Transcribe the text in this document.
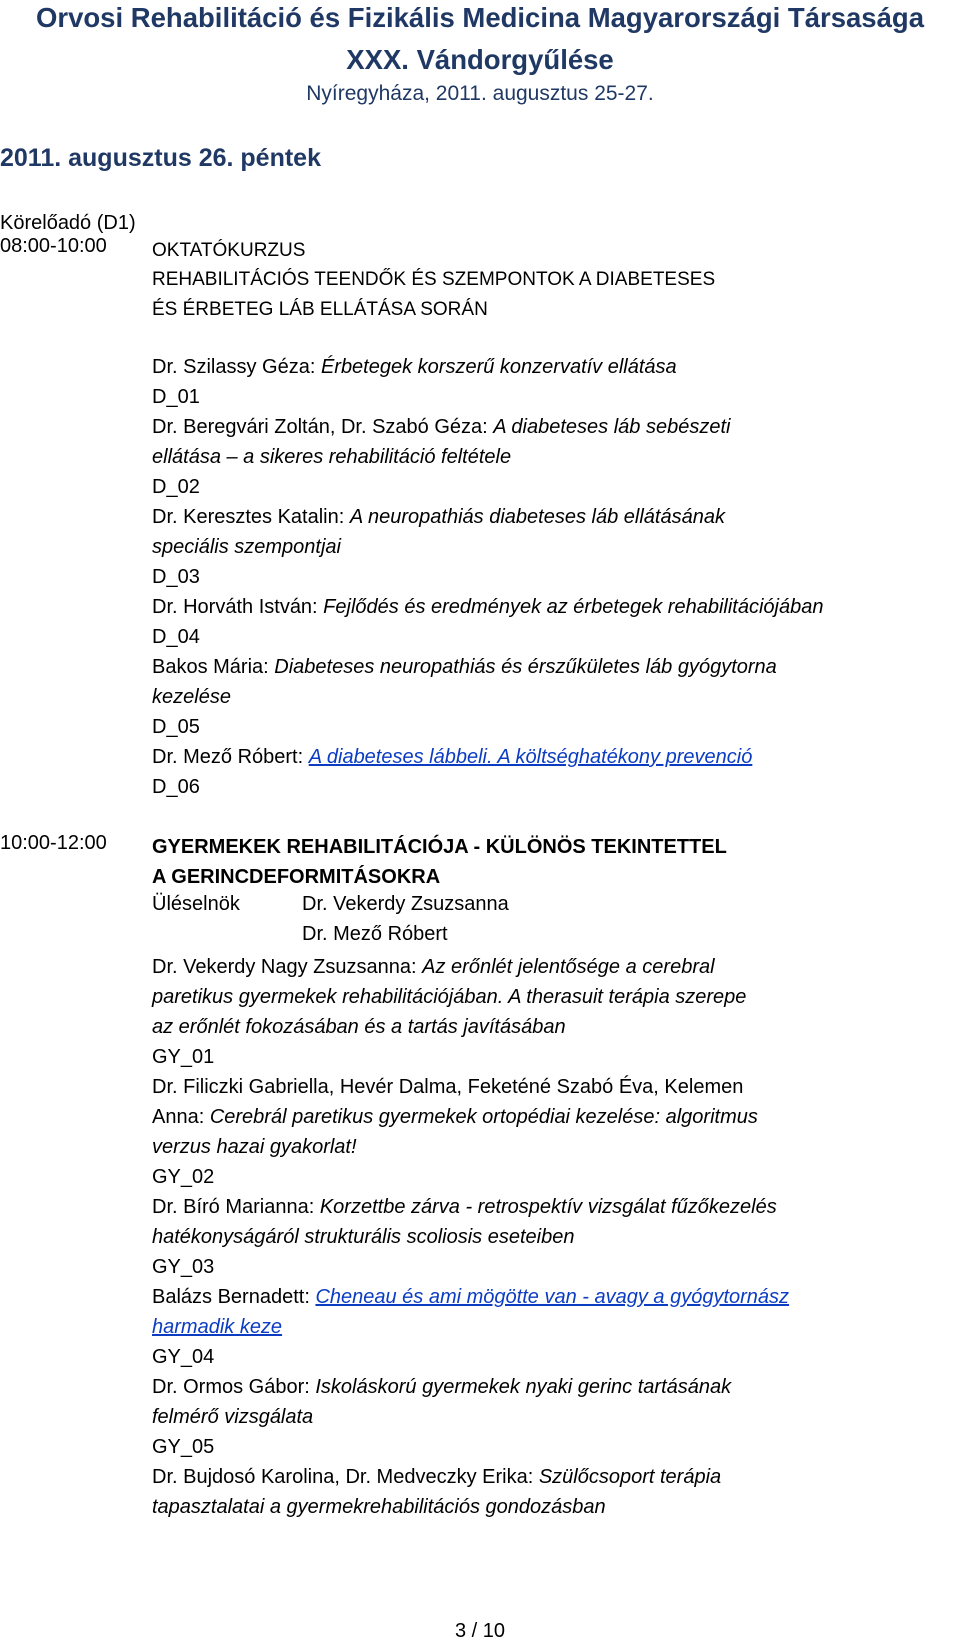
Orvosi Rehabilitáció és Fizikális Medicina Magyarországi Társasága
XXX. Vándorgyűlése
Nyíregyháza, 2011. augusztus 25-27.
2011. augusztus 26. péntek
Körelőadó (D1)
08:00-10:00 OKTATÓKURZUS
REHABILITÁCIÓS TEENDŐK ÉS SZEMPONTOK A DIABETESES
ÉS ÉRBETEG LÁB ELLÁTÁSA SORÁN
Dr. Szilassy Géza: Érbetegek korszerű konzervatív ellátása
D_01
Dr. Beregvári Zoltán, Dr. Szabó Géza: A diabeteses láb sebészeti
ellátása – a sikeres rehabilitáció feltétele
D_02
Dr. Keresztes Katalin: A neuropathiás diabeteses láb ellátásának
speciális szempontjai
D_03
Dr. Horváth István: Fejlődés és eredmények az érbetegek rehabilitációjában
D_04
Bakos Mária: Diabeteses neuropathiás és érszűkületes láb gyógytorna
kezelése
D_05
Dr. Mező Róbert: A diabeteses lábbeli. A költséghatékony prevenció
D_06
10:00-12:00 GYERMEKEK REHABILITÁCIÓJA - KÜLÖNÖS TEKINTETTEL
A GERINCDEFORMITÁSOKRA
Üléselnök	Dr. Vekerdy Zsuzsanna
Dr. Mező Róbert
Dr. Vekerdy Nagy Zsuzsanna: Az erőnlét jelentősége a cerebral
paretikus gyermekek rehabilitációjában. A therasuit terápia szerepe
az erőnlét fokozásában és a tartás javításában
GY_01
Dr. Filiczki Gabriella, Hevér Dalma, Feketéné Szabó Éva, Kelemen
Anna: Cerebrál paretikus gyermekek ortopédiai kezelése: algoritmus
verzus hazai gyakorlat!
GY_02
Dr. Bíró Marianna: Korzettbe zárva - retrospektív vizsgálat fűzőkezelés
hatékonyságáról strukturális scoliosis eseteiben
GY_03
Balázs Bernadett: Cheneau és ami mögötte van - avagy a gyógytornász
harmadik keze
GY_04
Dr. Ormos Gábor: Iskoláskorú gyermekek nyaki gerinc tartásának
felmérő vizsgálata
GY_05
Dr. Bujdosó Karolina, Dr. Medveczky Erika: Szülőcsoport terápia
tapasztalatai a gyermekrehabilitációs gondozásban
3 / 10
